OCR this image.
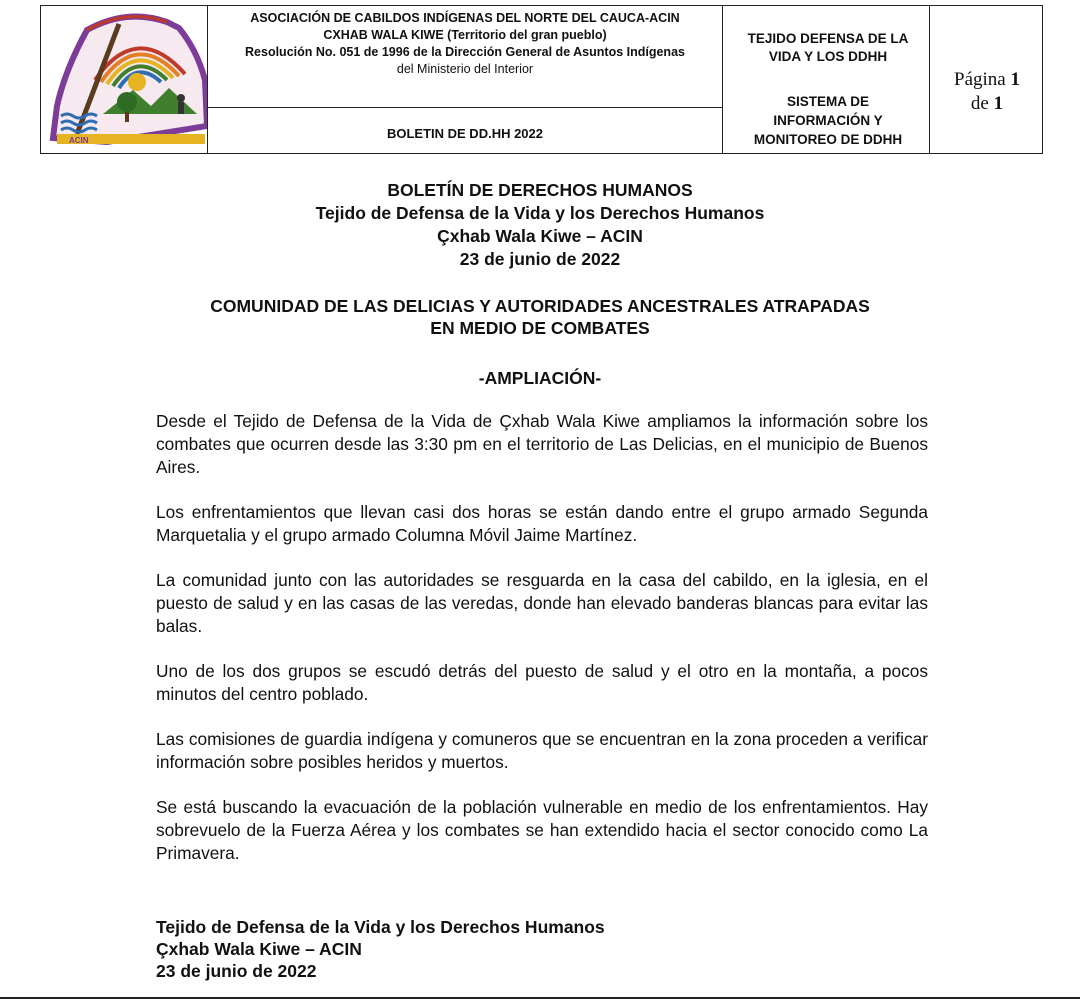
ACIN
ASOCIACIÓN DE CABILDOS INDÍGENAS DEL NORTE DEL CAUCA-ACIN
CXHAB WALA KIWE (Territorio del gran pueblo)
Resolución No. 051 de 1996 de la Dirección General de Asuntos Indígenas
del Ministerio del Interior
BOLETIN DE DD.HH 2022
TEJIDO DEFENSA DE LA
VIDA Y LOS DDHH
SISTEMA DE
INFORMACIÓN Y
MONITOREO DE DDHH
Página 1
de 1
BOLETÍN DE DERECHOS HUMANOS
Tejido de Defensa de la Vida y los Derechos Humanos
Çxhab Wala Kiwe – ACIN
23 de junio de 2022
COMUNIDAD DE LAS DELICIAS Y AUTORIDADES ANCESTRALES ATRAPADAS
EN MEDIO DE COMBATES
-AMPLIACIÓN-

Desde el Tejido de Defensa de la Vida de Çxhab Wala Kiwe ampliamos la información sobre los combates que ocurren desde las 3:30 pm en el territorio de Las Delicias, en el municipio de Buenos Aires.

Los enfrentamientos que llevan casi dos horas se están dando entre el grupo armado Segunda Marquetalia y el grupo armado Columna Móvil Jaime Martínez.

La comunidad junto con las autoridades se resguarda en la casa del cabildo, en la iglesia, en el puesto de salud y en las casas de las veredas, donde han elevado banderas blancas para evitar las balas.

Uno de los dos grupos se escudó detrás del puesto de salud y el otro en la montaña, a pocos minutos del centro poblado.

Las comisiones de guardia indígena y comuneros que se encuentran en la zona proceden a verificar información sobre posibles heridos y muertos.

Se está buscando la evacuación de la población vulnerable en medio de los enfrentamientos. Hay sobrevuelo de la Fuerza Aérea y los combates se han extendido hacia el sector conocido como La Primavera.

Tejido de Defensa de la Vida y los Derechos Humanos
Çxhab Wala Kiwe – ACIN
23 de junio de 2022
